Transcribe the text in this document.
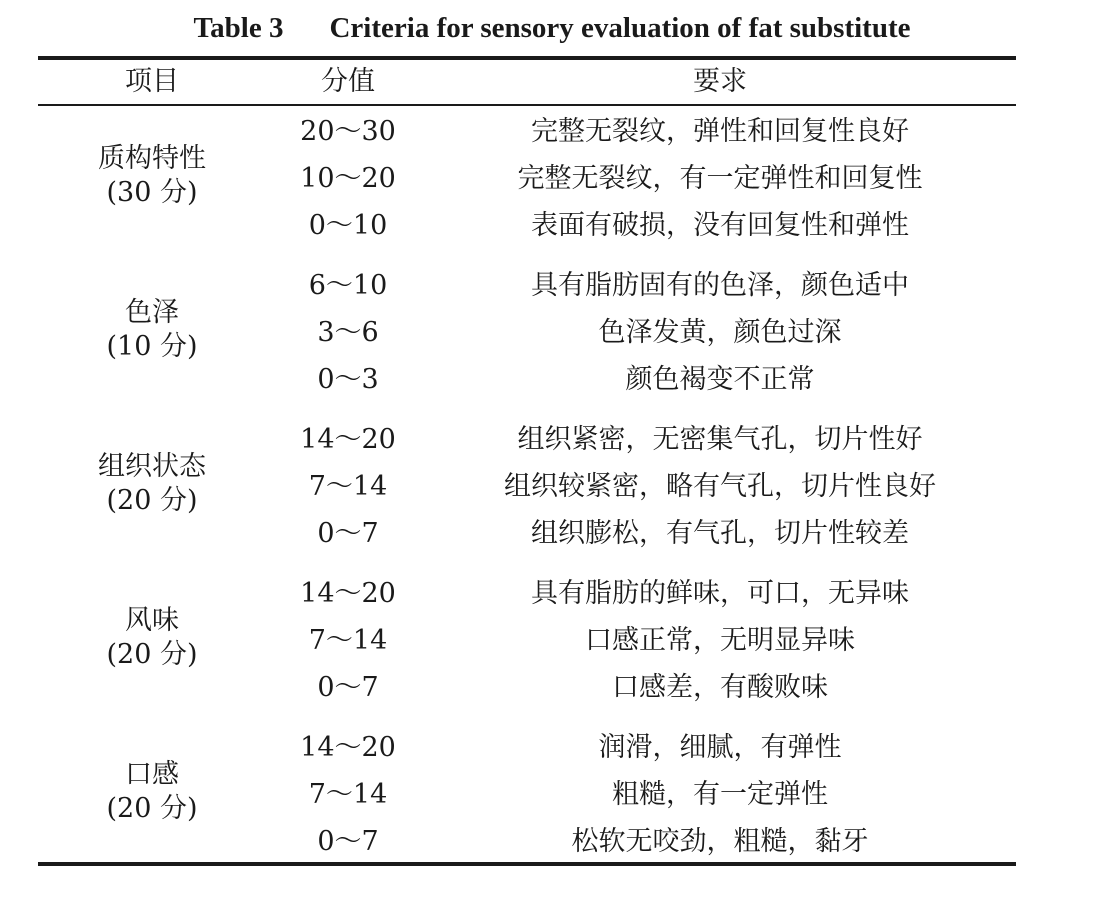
Table 3 Criteria for sensory evaluation of fat substitute
项目	分值	要求
质构特性
(30 分)
20～30	完整无裂纹，弹性和回复性良好
10～20	完整无裂纹，有一定弹性和回复性
0～10	表面有破损，没有回复性和弹性
色泽
(10 分)
6～10	具有脂肪固有的色泽，颜色适中
3～6	色泽发黄，颜色过深
0～3	颜色褐变不正常
组织状态
(20 分)
14～20	组织紧密，无密集气孔，切片性好
7～14	组织较紧密，略有气孔，切片性良好
0～7	组织膨松，有气孔，切片性较差
风味
(20 分)
14～20	具有脂肪的鲜味，可口，无异味
7～14	口感正常，无明显异味
0～7	口感差，有酸败味
口感
(20 分)
14～20	润滑，细腻，有弹性
7～14	粗糙，有一定弹性
0～7	松软无咬劲，粗糙，黏牙
